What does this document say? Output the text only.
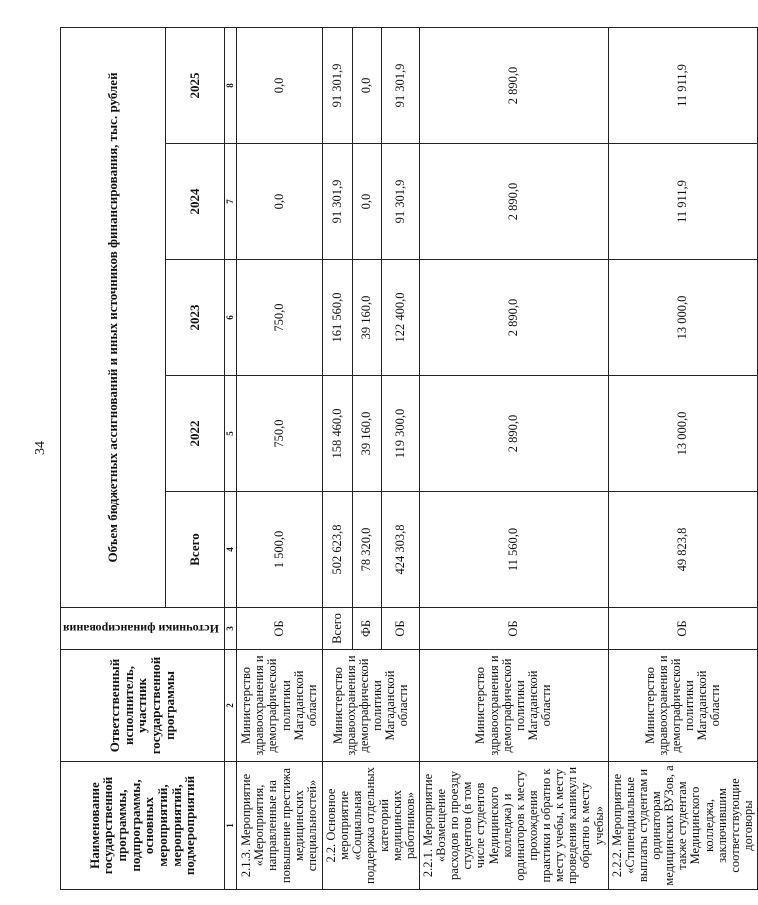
34
Наименование государственной программы, подпрограммы, основных мероприятий, мероприятий, подмероприятий	Ответственный исполнитель, участник государственной программы	Источники финансирования	Объем бюджетных ассигнований и иных источников финансирования, тыс. рублей				
			Всего	2022	2023	2024	2025
1	2	3	4	5	6	7	8
2.1.3. Мероприятие «Мероприятия, направленные на повышение престижа медицинских специальностей»	Министерство здравоохранения и демографической политики Магаданской области	ОБ	1 500,0	750,0	750,0	0,0	0,0
2.2. Основное мероприятие «Социальная поддержка отдельных категорий медицинских работников»	Министерство здравоохранения и демографической политики Магаданской области	Всего	502 623,8	158 460,0	161 560,0	91 301,9	91 301,9
		ФБ	78 320,0	39 160,0	39 160,0	0,0	0,0
		ОБ	424 303,8	119 300,0	122 400,0	91 301,9	91 301,9
2.2.1. Мероприятие «Возмещение расходов по проезду студентов (в том числе студентов Медицинского колледжа) и ординаторов к месту прохождения практики и обратно к месту учебы, к месту проведения каникул и обратно к месту учебы»	Министерство здравоохранения и демографической политики Магаданской области	ОБ	11 560,0	2 890,0	2 890,0	2 890,0	2 890,0
2.2.2. Мероприятие «Стипендиальные выплаты студентам и ординаторам медицинских ВУЗов, а также студентам Медицинского колледжа, заключившим соответствующие договоры	Министерство здравоохранения и демографической политики Магаданской области	ОБ	49 823,8	13 000,0	13 000,0	11 911,9	11 911,9
